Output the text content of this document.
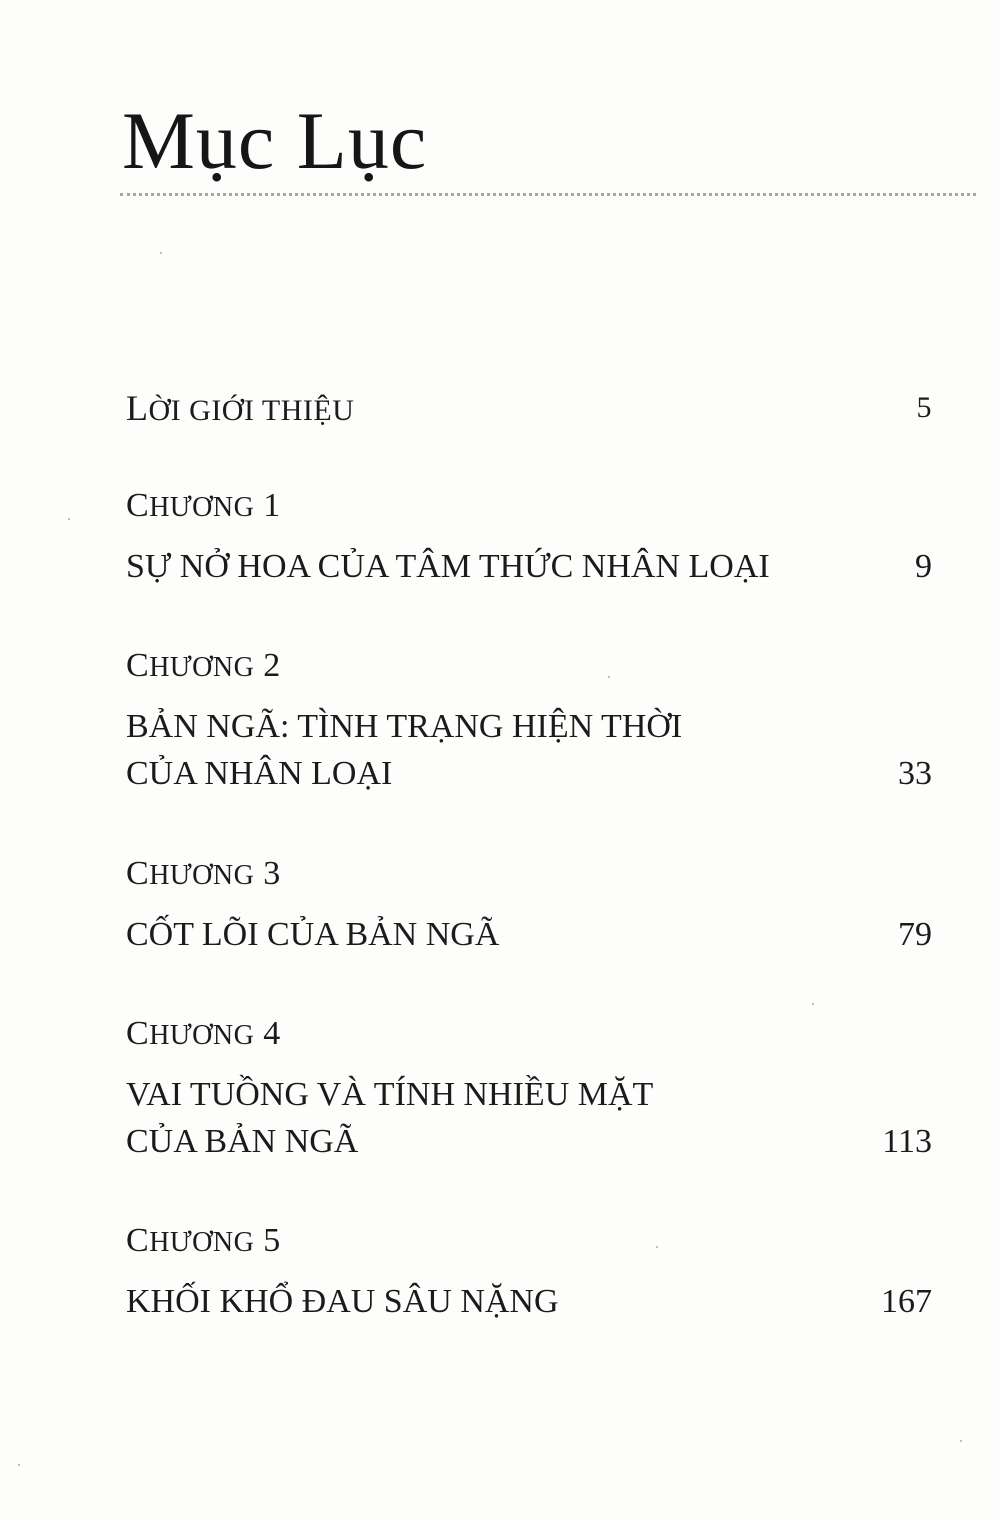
Mục Lục
LỜI GIỚI THIỆU	5
CHƯƠNG 1
SỰ NỞ HOA CỦA TÂM THỨC NHÂN LOẠI	9
CHƯƠNG 2
BẢN NGÃ: TÌNH TRẠNG HIỆN THỜI
CỦA NHÂN LOẠI	33
CHƯƠNG 3
CỐT LÕI CỦA BẢN NGÃ	79
CHƯƠNG 4
VAI TUỒNG VÀ TÍNH NHIỀU MẶT
CỦA BẢN NGÃ	113
CHƯƠNG 5
KHỐI KHỔ ĐAU SÂU NẶNG	167
